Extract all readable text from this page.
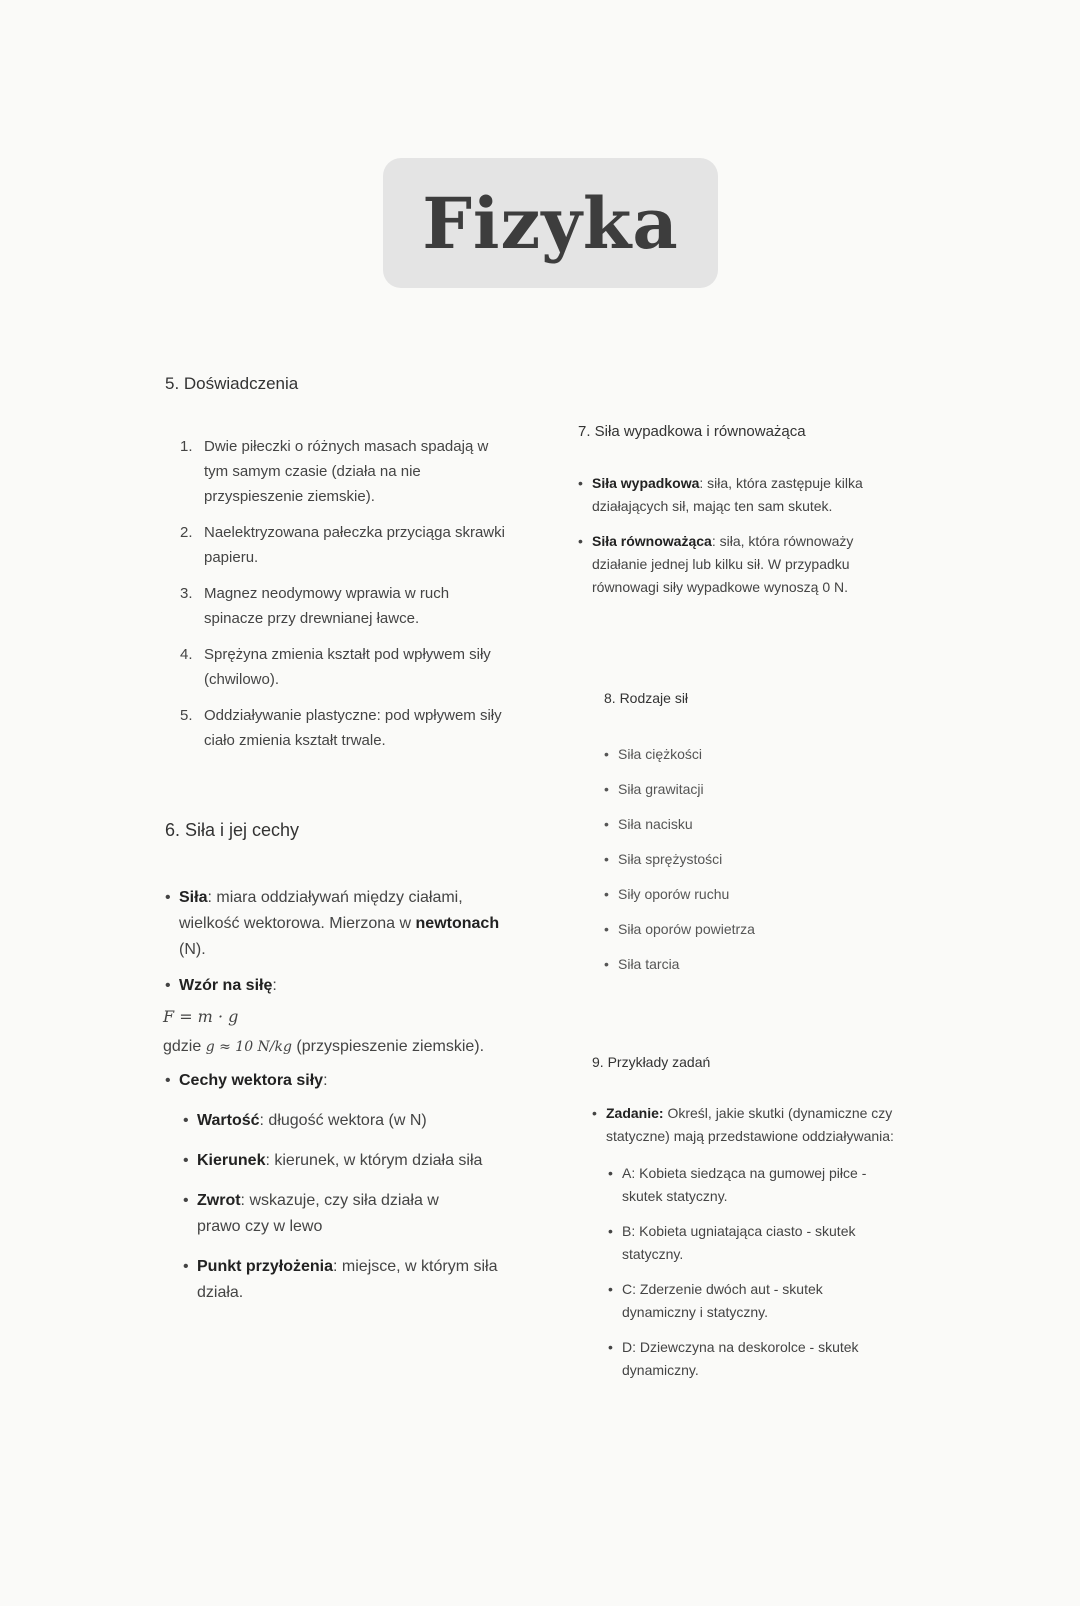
Fizyka

5. Doświadczenia

1. Dwie piłeczki o różnych masach spadają w tym samym czasie (działa na nie przyspieszenie ziemskie).
2. Naelektryzowana pałeczka przyciąga skrawki papieru.
3. Magnez neodymowy wprawia w ruch spinacze przy drewnianej ławce.
4. Sprężyna zmienia kształt pod wpływem siły (chwilowo).
5. Oddziaływanie plastyczne: pod wpływem siły ciało zmienia kształt trwale.

6. Siła i jej cechy

• Siła: miara oddziaływań między ciałami, wielkość wektorowa. Mierzona w newtonach (N).
• Wzór na siłę:
F = m · g
gdzie g ≈ 10 N/kg (przyspieszenie ziemskie).
• Cechy wektora siły:
• Wartość: długość wektora (w N)
• Kierunek: kierunek, w którym działa siła
• Zwrot: wskazuje, czy siła działa w prawo czy w lewo
• Punkt przyłożenia: miejsce, w którym siła działa.

7. Siła wypadkowa i równoważąca

• Siła wypadkowa: siła, która zastępuje kilka działających sił, mając ten sam skutek.
• Siła równoważąca: siła, która równoważy działanie jednej lub kilku sił. W przypadku równowagi siły wypadkowe wynoszą 0 N.

8. Rodzaje sił

• Siła ciężkości
• Siła grawitacji
• Siła nacisku
• Siła sprężystości
• Siły oporów ruchu
• Siła oporów powietrza
• Siła tarcia

9. Przykłady zadań

• Zadanie: Określ, jakie skutki (dynamiczne czy statyczne) mają przedstawione oddziaływania:
• A: Kobieta siedząca na gumowej piłce - skutek statyczny.
• B: Kobieta ugniatająca ciasto - skutek statyczny.
• C: Zderzenie dwóch aut - skutek dynamiczny i statyczny.
• D: Dziewczyna na deskorolce - skutek dynamiczny.
